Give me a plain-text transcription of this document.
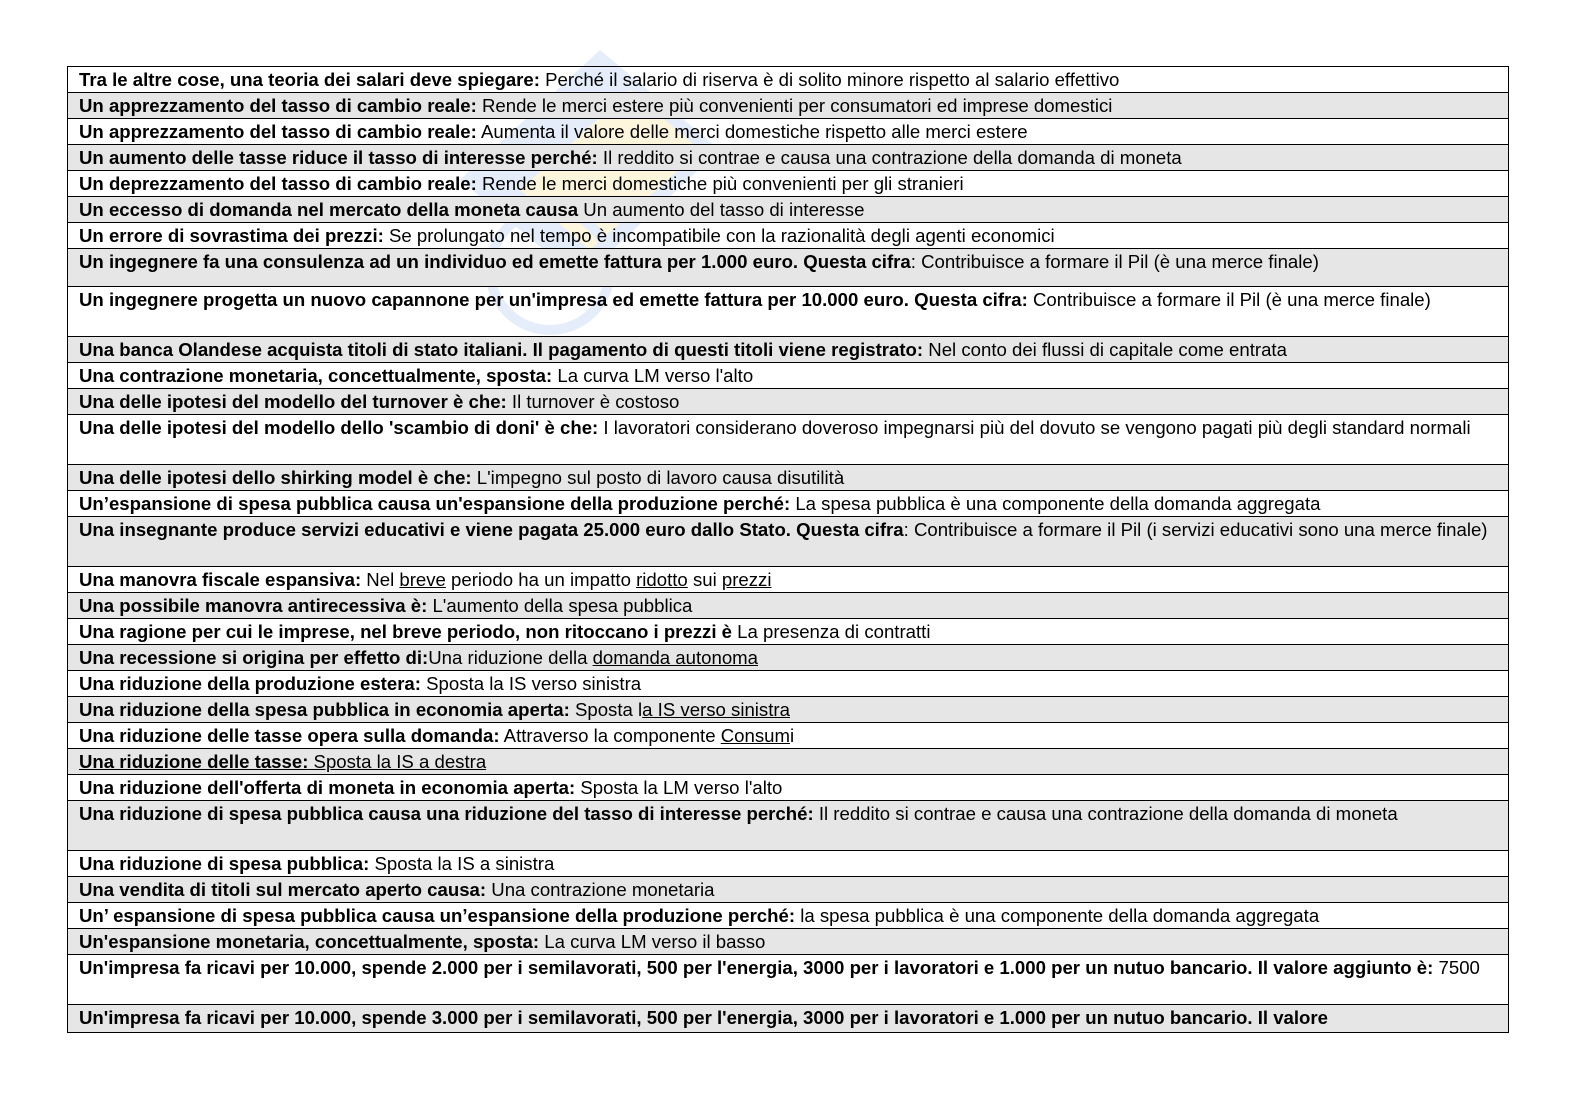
Tra le altre cose, una teoria dei salari deve spiegare: Perché il salario di riserva è di solito minore rispetto al salario effettivo
Un apprezzamento del tasso di cambio reale: Rende le merci estere più convenienti per consumatori ed imprese domestici
Un apprezzamento del tasso di cambio reale: Aumenta il valore delle merci domestiche rispetto alle merci estere
Un aumento delle tasse riduce il tasso di interesse perché: Il reddito si contrae e causa una contrazione della domanda di moneta
Un deprezzamento del tasso di cambio reale: Rende le merci domestiche più convenienti per gli stranieri
Un eccesso di domanda nel mercato della moneta causa Un aumento del tasso di interesse
Un errore di sovrastima dei prezzi: Se prolungato nel tempo è incompatibile con la razionalità degli agenti economici
Un ingegnere fa una consulenza ad un individuo ed emette fattura per 1.000 euro. Questa cifra: Contribuisce a formare il Pil (è una merce finale)
Un ingegnere progetta un nuovo capannone per un'impresa ed emette fattura per 10.000 euro. Questa cifra: Contribuisce a formare il Pil (è una merce finale)
Una banca Olandese acquista titoli di stato italiani. Il pagamento di questi titoli viene registrato: Nel conto dei flussi di capitale come entrata
Una contrazione monetaria, concettualmente, sposta: La curva LM verso l'alto
Una delle ipotesi del modello del turnover è che: Il turnover è costoso
Una delle ipotesi del modello dello 'scambio di doni' è che: I lavoratori considerano doveroso impegnarsi più del dovuto se vengono pagati più degli standard normali
Una delle ipotesi dello shirking model è che: L'impegno sul posto di lavoro causa disutilità
Un’espansione di spesa pubblica causa un'espansione della produzione perché: La spesa pubblica è una componente della domanda aggregata
Una insegnante produce servizi educativi e viene pagata 25.000 euro dallo Stato. Questa cifra: Contribuisce a formare il Pil (i servizi educativi sono una merce finale)
Una manovra fiscale espansiva: Nel breve periodo ha un impatto ridotto sui prezzi
Una possibile manovra antirecessiva è: L'aumento della spesa pubblica
Una ragione per cui le imprese, nel breve periodo, non ritoccano i prezzi è La presenza di contratti
Una recessione si origina per effetto di:Una riduzione della domanda autonoma
Una riduzione della produzione estera: Sposta la IS verso sinistra
Una riduzione della spesa pubblica in economia aperta: Sposta la IS verso sinistra
Una riduzione delle tasse opera sulla domanda: Attraverso la componente Consumi
Una riduzione delle tasse: Sposta la IS a destra
Una riduzione dell'offerta di moneta in economia aperta: Sposta la LM verso l'alto
Una riduzione di spesa pubblica causa una riduzione del tasso di interesse perché: Il reddito si contrae e causa una contrazione della domanda di moneta
Una riduzione di spesa pubblica: Sposta la IS a sinistra
Una vendita di titoli sul mercato aperto causa: Una contrazione monetaria
Un’ espansione di spesa pubblica causa un’espansione della produzione perché: la spesa pubblica è una componente della domanda aggregata
Un'espansione monetaria, concettualmente, sposta: La curva LM verso il basso
Un'impresa fa ricavi per 10.000, spende 2.000 per i semilavorati, 500 per l'energia, 3000 per i lavoratori e 1.000 per un nutuo bancario. Il valore aggiunto è: 7500

Un'impresa fa ricavi per 10.000, spende 3.000 per i semilavorati, 500 per l'energia, 3000 per i lavoratori e 1.000 per un nutuo bancario. Il valore
